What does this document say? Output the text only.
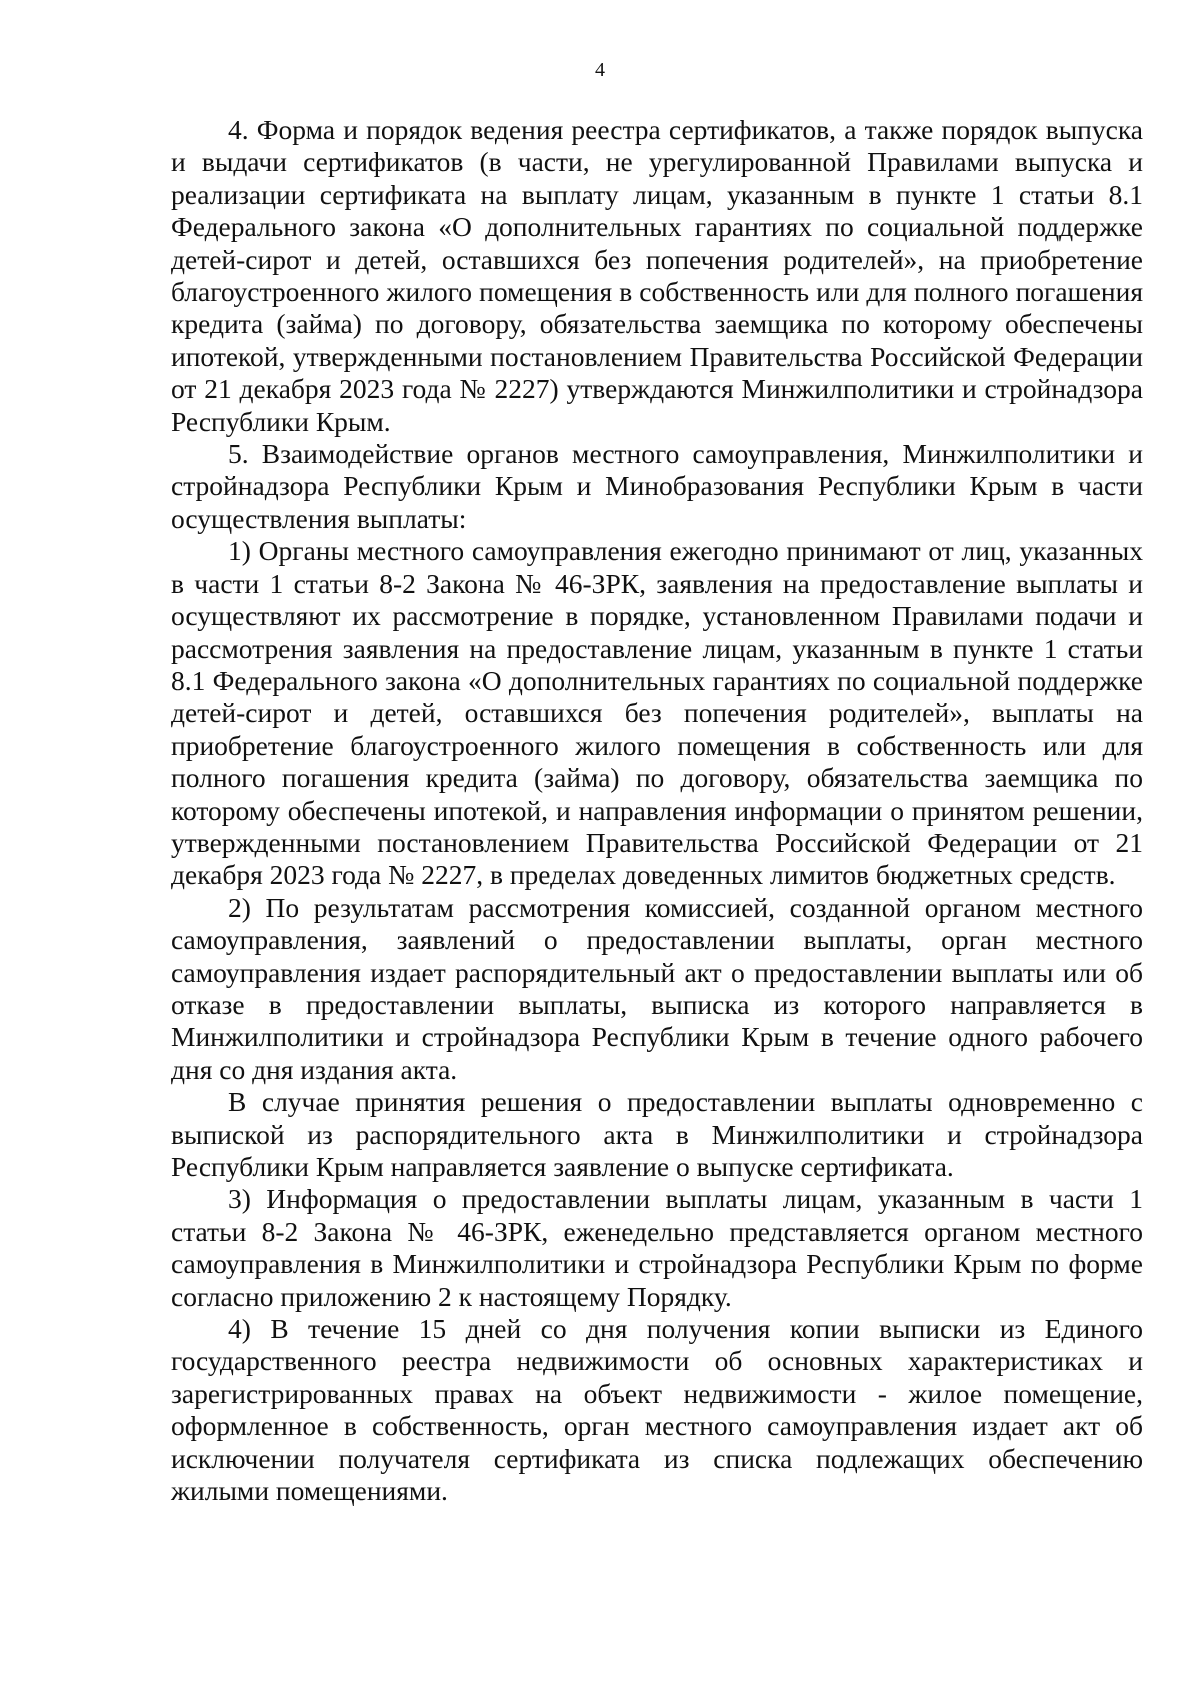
4

4. Форма и порядок ведения реестра сертификатов, а также порядок выпуска и выдачи сертификатов (в части, не урегулированной Правилами выпуска и реализации сертификата на выплату лицам, указанным в пункте 1 статьи 8.1 Федерального закона «О дополнительных гарантиях по социальной поддержке детей-сирот и детей, оставшихся без попечения родителей», на приобретение благоустроенного жилого помещения в собственность или для полного погашения кредита (займа) по договору, обязательства заемщика по которому обеспечены ипотекой, утвержденными постановлением Правительства Российской Федерации от 21 декабря 2023 года № 2227) утверждаются Минжилполитики и стройнадзора Республики Крым.

5. Взаимодействие органов местного самоуправления, Минжилполитики и стройнадзора Республики Крым и Минобразования Республики Крым в части осуществления выплаты:

1) Органы местного самоуправления ежегодно принимают от лиц, указанных в части 1 статьи 8-2 Закона № 46-ЗРК, заявления на предоставление выплаты и осуществляют их рассмотрение в порядке, установленном Правилами подачи и рассмотрения заявления на предоставление лицам, указанным в пункте 1 статьи 8.1 Федерального закона «О дополнительных гарантиях по социальной поддержке детей-сирот и детей, оставшихся без попечения родителей», выплаты на приобретение благоустроенного жилого помещения в собственность или для полного погашения кредита (займа) по договору, обязательства заемщика по которому обеспечены ипотекой, и направления информации о принятом решении, утвержденными постановлением Правительства Российской Федерации от 21 декабря 2023 года № 2227, в пределах доведенных лимитов бюджетных средств.

2) По результатам рассмотрения комиссией, созданной органом местного самоуправления, заявлений о предоставлении выплаты, орган местного самоуправления издает распорядительный акт о предоставлении выплаты или об отказе в предоставлении выплаты, выписка из которого направляется в Минжилполитики и стройнадзора Республики Крым в течение одного рабочего дня со дня издания акта.

В случае принятия решения о предоставлении выплаты одновременно с выпиской из распорядительного акта в Минжилполитики и стройнадзора Республики Крым направляется заявление о выпуске сертификата.

3) Информация о предоставлении выплаты лицам, указанным в части 1 статьи 8-2 Закона № 46-ЗРК, еженедельно представляется органом местного самоуправления в Минжилполитики и стройнадзора Республики Крым по форме согласно приложению 2 к настоящему Порядку.

4) В течение 15 дней со дня получения копии выписки из Единого государственного реестра недвижимости об основных характеристиках и зарегистрированных правах на объект недвижимости - жилое помещение, оформленное в собственность, орган местного самоуправления издает акт об исключении получателя сертификата из списка подлежащих обеспечению жилыми помещениями.
